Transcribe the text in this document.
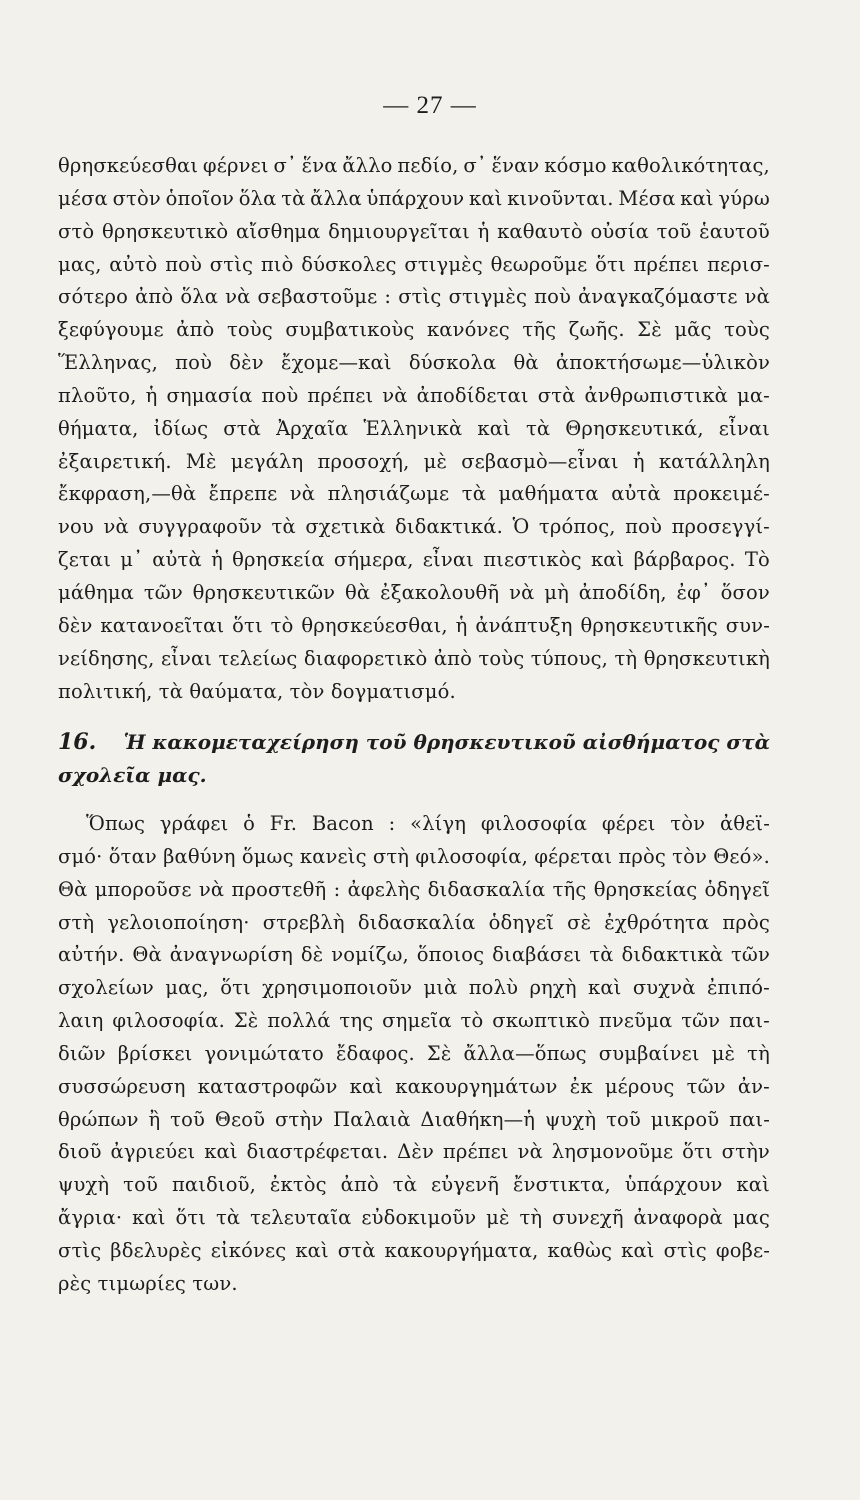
— 27 —
θρησκεύεσθαι φέρνει σ᾿ ἕνα ἄλλο πεδίο, σ᾿ ἕναν κόσμο καθολικότητας,
μέσα στὸν ὁποῖον ὅλα τὰ ἄλλα ὑπάρχουν καὶ κινοῦνται. Μέσα καὶ γύρω
στὸ θρησκευτικὸ αἴσθημα δημιουργεῖται ἡ καθαυτὸ οὐσία τοῦ ἑαυτοῦ
μας, αὐτὸ ποὺ στὶς πιὸ δύσκολες στιγμὲς θεωροῦμε ὅτι πρέπει περισ-
σότερο ἀπὸ ὅλα νὰ σεβαστοῦμε : στὶς στιγμὲς ποὺ ἀναγκαζόμαστε νὰ
ξεφύγουμε ἀπὸ τοὺς συμβατικοὺς κανόνες τῆς ζωῆς. Σὲ μᾶς τοὺς
Ἕλληνας, ποὺ δὲν ἔχομε—καὶ δύσκολα θὰ ἀποκτήσωμε—ὑλικὸν
πλοῦτο, ἡ σημασία ποὺ πρέπει νὰ ἀποδίδεται στὰ ἀνθρωπιστικὰ μα-
θήματα, ἰδίως στὰ Ἀρχαῖα Ἑλληνικὰ καὶ τὰ Θρησκευτικά, εἶναι
ἐξαιρετική. Μὲ μεγάλη προσοχή, μὲ σεβασμὸ—εἶναι ἡ κατάλληλη
ἔκφραση,—θὰ ἔπρεπε νὰ πλησιάζωμε τὰ μαθήματα αὐτὰ προκειμέ-
νου νὰ συγγραφοῦν τὰ σχετικὰ διδακτικά. Ὁ τρόπος, ποὺ προσεγγί-
ζεται μ᾿ αὐτὰ ἡ θρησκεία σήμερα, εἶναι πιεστικὸς καὶ βάρβαρος. Τὸ
μάθημα τῶν θρησκευτικῶν θὰ ἐξακολουθῆ νὰ μὴ ἀποδίδη, ἐφ᾿ ὅσον
δὲν κατανοεῖται ὅτι τὸ θρησκεύεσθαι, ἡ ἀνάπτυξη θρησκευτικῆς συν-
νείδησης, εἶναι τελείως διαφορετικὸ ἀπὸ τοὺς τύπους, τὴ θρησκευτικὴ
πολιτική, τὰ θαύματα, τὸν δογματισμό.
16. Ἡ κακομεταχείρηση τοῦ θρησκευτικοῦ αἰσθήματος στὰ
σχολεῖα μας.
Ὅπως γράφει ὁ Fr. Bacon : «λίγη φιλοσοφία φέρει τὸν ἀθεϊ-
σμό· ὅταν βαθύνη ὅμως κανεὶς στὴ φιλοσοφία, φέρεται πρὸς τὸν Θεό».
Θὰ μποροῦσε νὰ προστεθῆ : ἀφελὴς διδασκαλία τῆς θρησκείας ὁδηγεῖ
στὴ γελοιοποίηση· στρεβλὴ διδασκαλία ὁδηγεῖ σὲ ἐχθρότητα πρὸς
αὐτήν. Θὰ ἀναγνωρίση δὲ νομίζω, ὅποιος διαβάσει τὰ διδακτικὰ τῶν
σχολείων μας, ὅτι χρησιμοποιοῦν μιὰ πολὺ ρηχὴ καὶ συχνὰ ἐπιπό-
λαιη φιλοσοφία. Σὲ πολλά της σημεῖα τὸ σκωπτικὸ πνεῦμα τῶν παι-
διῶν βρίσκει γονιμώτατο ἔδαφος. Σὲ ἄλλα—ὅπως συμβαίνει μὲ τὴ
συσσώρευση καταστροφῶν καὶ κακουργημάτων ἐκ μέρους τῶν ἀν-
θρώπων ἢ τοῦ Θεοῦ στὴν Παλαιὰ Διαθήκη—ἡ ψυχὴ τοῦ μικροῦ παι-
διοῦ ἀγριεύει καὶ διαστρέφεται. Δὲν πρέπει νὰ λησμονοῦμε ὅτι στὴν
ψυχὴ τοῦ παιδιοῦ, ἐκτὸς ἀπὸ τὰ εὐγενῆ ἔνστικτα, ὑπάρχουν καὶ
ἄγρια· καὶ ὅτι τὰ τελευταῖα εὐδοκιμοῦν μὲ τὴ συνεχῆ ἀναφορὰ μας
στὶς βδελυρὲς εἰκόνες καὶ στὰ κακουργήματα, καθὼς καὶ στὶς φοβε-
ρὲς τιμωρίες των.
